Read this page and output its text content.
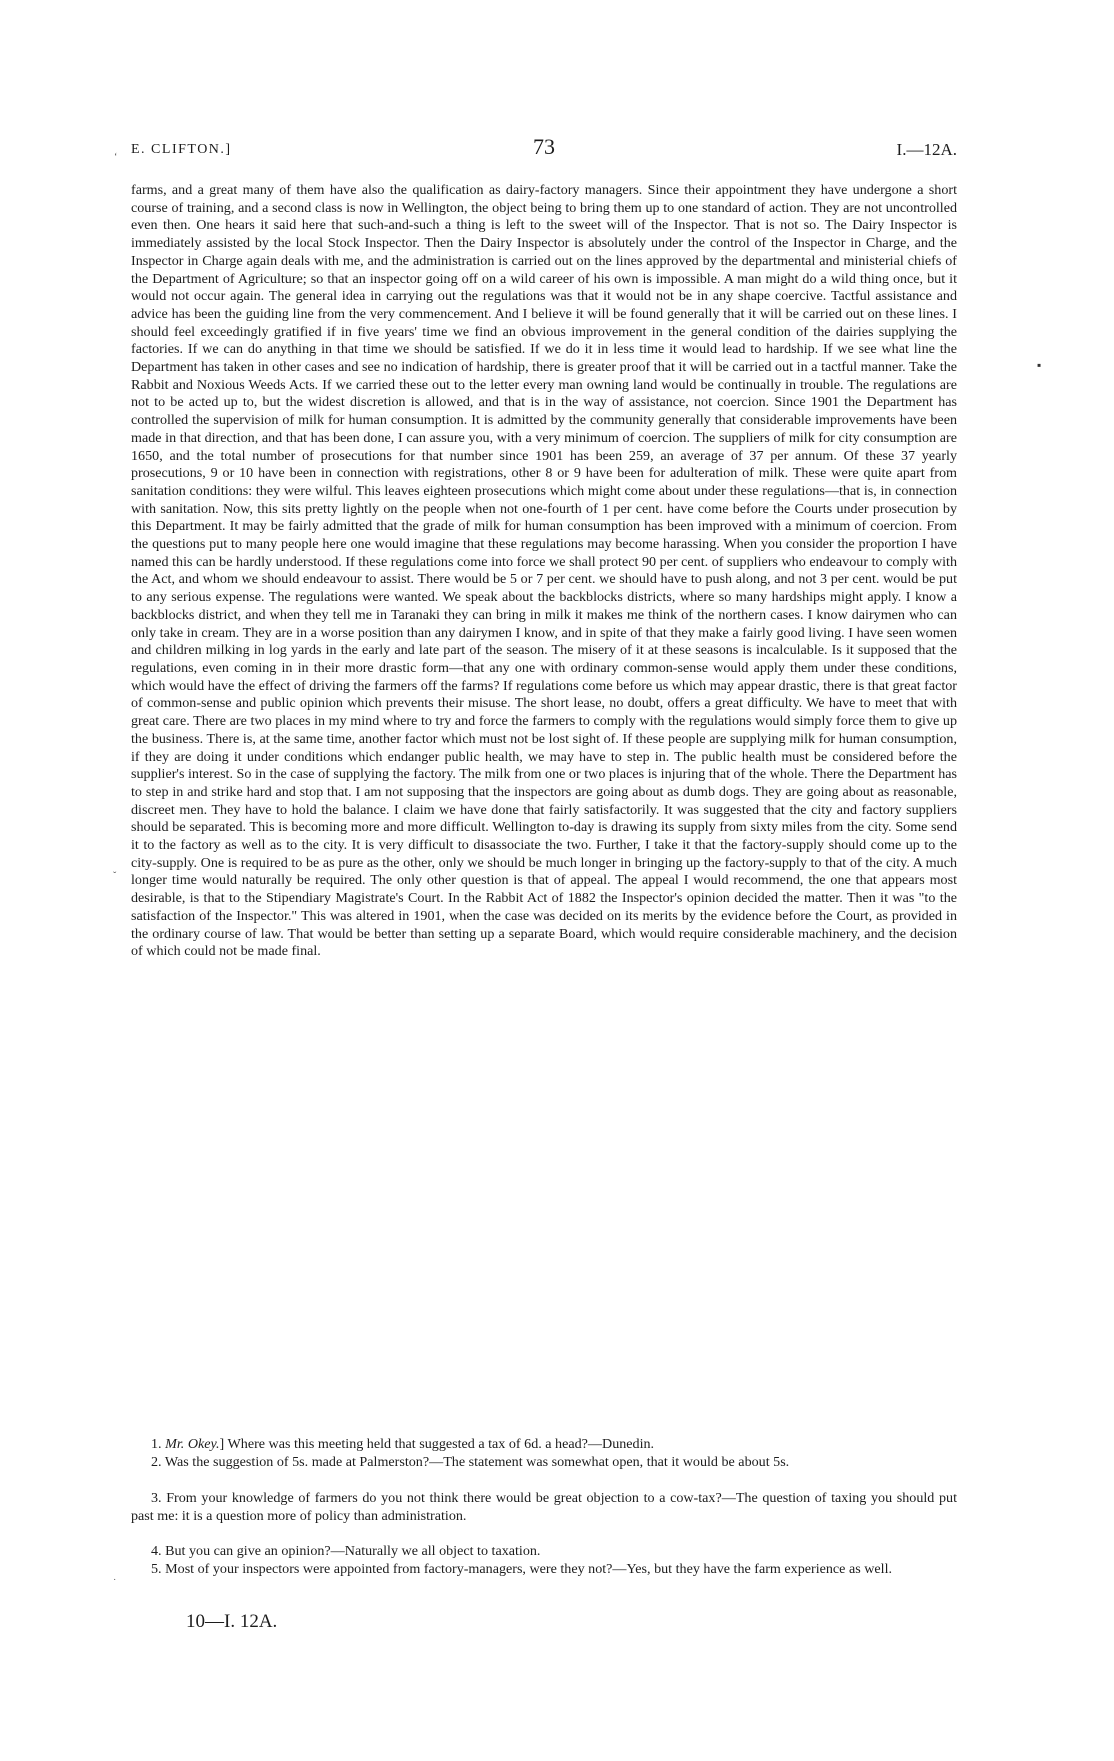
E. CLIFTON.]	73	I.—12A.
‘
▪
ˇ
˙

farms, and a great many of them have also the qualification as dairy-factory managers. Since their appointment they have undergone a short course of training, and a second class is now in Wellington, the object being to bring them up to one standard of action. They are not uncontrolled even then. One hears it said here that such-and-such a thing is left to the sweet will of the Inspector. That is not so. The Dairy Inspector is immediately assisted by the local Stock Inspector. Then the Dairy Inspector is absolutely under the control of the Inspector in Charge, and the Inspector in Charge again deals with me, and the administration is carried out on the lines approved by the departmental and ministerial chiefs of the Department of Agriculture; so that an inspector going off on a wild career of his own is impossible. A man might do a wild thing once, but it would not occur again. The general idea in carrying out the regulations was that it would not be in any shape coercive. Tactful assistance and advice has been the guiding line from the very commencement. And I believe it will be found generally that it will be carried out on these lines. I should feel exceedingly gratified if in five years' time we find an obvious improvement in the general condition of the dairies supplying the factories. If we can do anything in that time we should be satisfied. If we do it in less time it would lead to hardship. If we see what line the Department has taken in other cases and see no indication of hardship, there is greater proof that it will be carried out in a tactful manner. Take the Rabbit and Noxious Weeds Acts. If we carried these out to the letter every man owning land would be continually in trouble. The regulations are not to be acted up to, but the widest discretion is allowed, and that is in the way of assistance, not coercion. Since 1901 the Department has controlled the supervision of milk for human consumption. It is admitted by the community generally that considerable improvements have been made in that direction, and that has been done, I can assure you, with a very minimum of coercion. The suppliers of milk for city consumption are 1650, and the total number of prosecutions for that number since 1901 has been 259, an average of 37 per annum. Of these 37 yearly prosecutions, 9 or 10 have been in connection with registrations, other 8 or 9 have been for adulteration of milk. These were quite apart from sanitation conditions: they were wilful. This leaves eighteen prosecutions which might come about under these regulations—that is, in connection with sanitation. Now, this sits pretty lightly on the people when not one-fourth of 1 per cent. have come before the Courts under prosecution by this Department. It may be fairly admitted that the grade of milk for human consumption has been improved with a minimum of coercion. From the questions put to many people here one would imagine that these regulations may become harassing. When you consider the proportion I have named this can be hardly understood. If these regulations come into force we shall protect 90 per cent. of suppliers who endeavour to comply with the Act, and whom we should endeavour to assist. There would be 5 or 7 per cent. we should have to push along, and not 3 per cent. would be put to any serious expense. The regulations were wanted. We speak about the backblocks districts, where so many hardships might apply. I know a backblocks district, and when they tell me in Taranaki they can bring in milk it makes me think of the northern cases. I know dairymen who can only take in cream. They are in a worse position than any dairymen I know, and in spite of that they make a fairly good living. I have seen women and children milking in log yards in the early and late part of the season. The misery of it at these seasons is incalculable. Is it supposed that the regulations, even coming in in their more drastic form—that any one with ordinary common-sense would apply them under these conditions, which would have the effect of driving the farmers off the farms? If regulations come before us which may appear drastic, there is that great factor of common-sense and public opinion which prevents their misuse. The short lease, no doubt, offers a great difficulty. We have to meet that with great care. There are two places in my mind where to try and force the farmers to comply with the regulations would simply force them to give up the business. There is, at the same time, another factor which must not be lost sight of. If these people are supplying milk for human consumption, if they are doing it under conditions which endanger public health, we may have to step in. The public health must be considered before the supplier's interest. So in the case of supplying the factory. The milk from one or two places is injuring that of the whole. There the Department has to step in and strike hard and stop that. I am not supposing that the inspectors are going about as dumb dogs. They are going about as reasonable, discreet men. They have to hold the balance. I claim we have done that fairly satisfactorily. It was suggested that the city and factory suppliers should be separated. This is becoming more and more difficult. Wellington to-day is drawing its supply from sixty miles from the city. Some send it to the factory as well as to the city. It is very difficult to disassociate the two. Further, I take it that the factory-supply should come up to the city-supply. One is required to be as pure as the other, only we should be much longer in bringing up the factory-supply to that of the city. A much longer time would naturally be required. The only other question is that of appeal. The appeal I would recommend, the one that appears most desirable, is that to the Stipendiary Magistrate's Court. In the Rabbit Act of 1882 the Inspector's opinion decided the matter. Then it was "to the satisfaction of the Inspector." This was altered in 1901, when the case was decided on its merits by the evidence before the Court, as provided in the ordinary course of law. That would be better than setting up a separate Board, which would require considerable machinery, and the decision of which could not be made final.

1. Mr. Okey.] Where was this meeting held that suggested a tax of 6d. a head?—Dunedin.

2. Was the suggestion of 5s. made at Palmerston?—The statement was somewhat open, that it would be about 5s.

3. From your knowledge of farmers do you not think there would be great objection to a cow-tax?—The question of taxing you should put past me: it is a question more of policy than administration.

4. But you can give an opinion?—Naturally we all object to taxation.

5. Most of your inspectors were appointed from factory-managers, were they not?—Yes, but they have the farm experience as well.

10—I. 12A.
